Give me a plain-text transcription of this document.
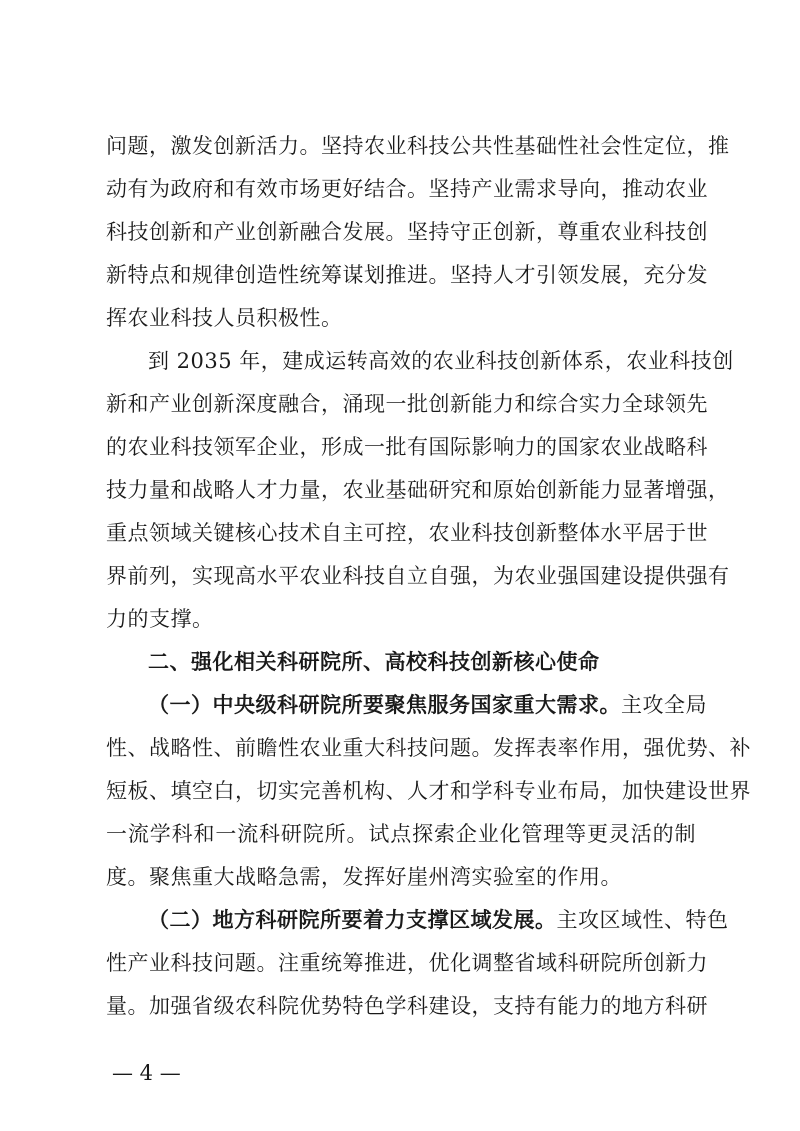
问题，激发创新活力。坚持农业科技公共性基础性社会性定位，推
动有为政府和有效市场更好结合。坚持产业需求导向，推动农业
科技创新和产业创新融合发展。坚持守正创新，尊重农业科技创
新特点和规律创造性统筹谋划推进。坚持人才引领发展，充分发
挥农业科技人员积极性。
到 2035 年，建成运转高效的农业科技创新体系，农业科技创
新和产业创新深度融合，涌现一批创新能力和综合实力全球领先
的农业科技领军企业，形成一批有国际影响力的国家农业战略科
技力量和战略人才力量，农业基础研究和原始创新能力显著增强，
重点领域关键核心技术自主可控，农业科技创新整体水平居于世
界前列，实现高水平农业科技自立自强，为农业强国建设提供强有
力的支撑。
二、强化相关科研院所、高校科技创新核心使命
（一）中央级科研院所要聚焦服务国家重大需求。主攻全局
性、战略性、前瞻性农业重大科技问题。发挥表率作用，强优势、补
短板、填空白，切实完善机构、人才和学科专业布局，加快建设世界
一流学科和一流科研院所。试点探索企业化管理等更灵活的制
度。聚焦重大战略急需，发挥好崖州湾实验室的作用。
（二）地方科研院所要着力支撑区域发展。主攻区域性、特色
性产业科技问题。注重统筹推进，优化调整省域科研院所创新力
量。加强省级农科院优势特色学科建设，支持有能力的地方科研
— 4 —
